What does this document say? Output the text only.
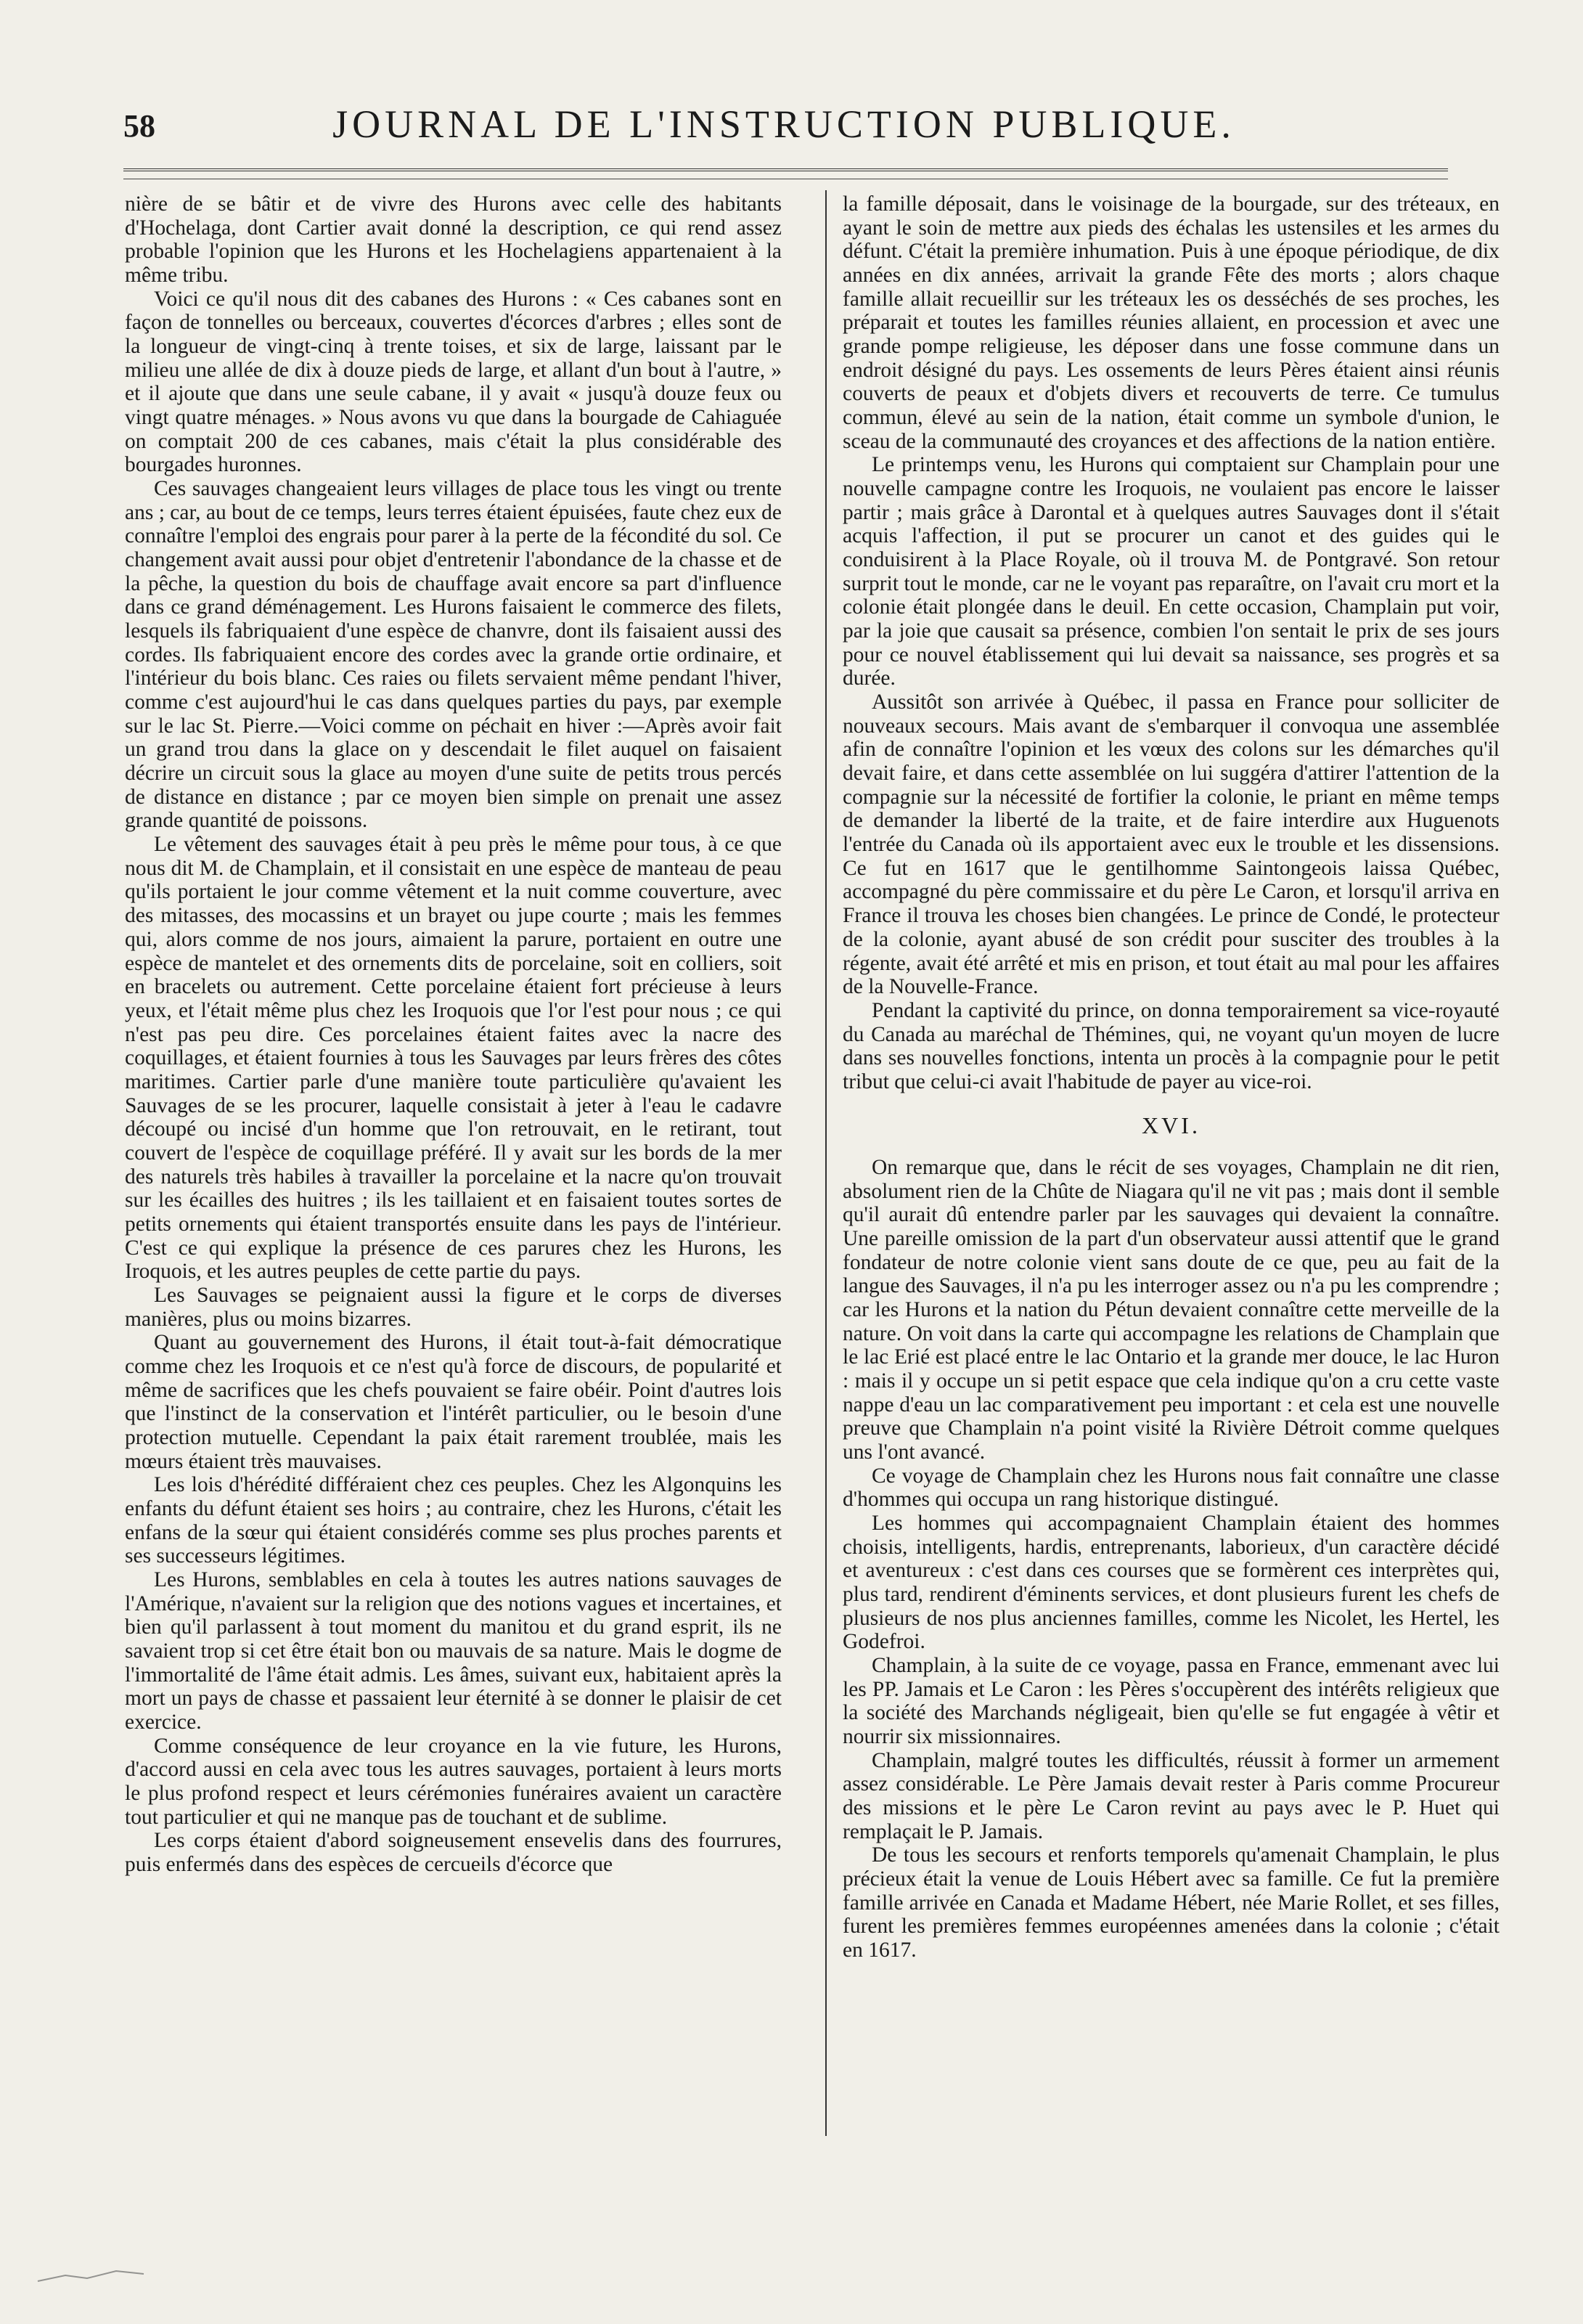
58	JOURNAL DE L'INSTRUCTION PUBLIQUE.

nière de se bâtir et de vivre des Hurons avec celle des habitants d'Hochelaga, dont Cartier avait donné la description, ce qui rend assez probable l'opinion que les Hurons et les Hochelagiens appartenaient à la même tribu.

Voici ce qu'il nous dit des cabanes des Hurons : « Ces cabanes sont en façon de tonnelles ou berceaux, couvertes d'écorces d'arbres ; elles sont de la longueur de vingt-cinq à trente toises, et six de large, laissant par le milieu une allée de dix à douze pieds de large, et allant d'un bout à l'autre, » et il ajoute que dans une seule cabane, il y avait « jusqu'à douze feux ou vingt quatre ménages. » Nous avons vu que dans la bourgade de Cahiaguée on comptait 200 de ces cabanes, mais c'était la plus considérable des bourgades huronnes.

Ces sauvages changeaient leurs villages de place tous les vingt ou trente ans ; car, au bout de ce temps, leurs terres étaient épuisées, faute chez eux de connaître l'emploi des engrais pour parer à la perte de la fécondité du sol. Ce changement avait aussi pour objet d'entretenir l'abondance de la chasse et de la pêche, la question du bois de chauffage avait encore sa part d'influence dans ce grand déménagement. Les Hurons faisaient le commerce des filets, lesquels ils fabriquaient d'une espèce de chanvre, dont ils faisaient aussi des cordes. Ils fabriquaient encore des cordes avec la grande ortie ordinaire, et l'intérieur du bois blanc. Ces raies ou filets servaient même pendant l'hiver, comme c'est aujourd'hui le cas dans quelques parties du pays, par exemple sur le lac St. Pierre.—Voici comme on péchait en hiver :—Après avoir fait un grand trou dans la glace on y descendait le filet auquel on faisaient décrire un circuit sous la glace au moyen d'une suite de petits trous percés de distance en distance ; par ce moyen bien simple on prenait une assez grande quantité de poissons.

Le vêtement des sauvages était à peu près le même pour tous, à ce que nous dit M. de Champlain, et il consistait en une espèce de manteau de peau qu'ils portaient le jour comme vêtement et la nuit comme couverture, avec des mitasses, des mocassins et un brayet ou jupe courte ; mais les femmes qui, alors comme de nos jours, aimaient la parure, portaient en outre une espèce de mantelet et des ornements dits de porcelaine, soit en colliers, soit en bracelets ou autrement. Cette porcelaine étaient fort précieuse à leurs yeux, et l'était même plus chez les Iroquois que l'or l'est pour nous ; ce qui n'est pas peu dire. Ces porcelaines étaient faites avec la nacre des coquillages, et étaient fournies à tous les Sauvages par leurs frères des côtes maritimes. Cartier parle d'une manière toute particulière qu'avaient les Sauvages de se les procurer, laquelle consistait à jeter à l'eau le cadavre découpé ou incisé d'un homme que l'on retrouvait, en le retirant, tout couvert de l'espèce de coquillage préféré. Il y avait sur les bords de la mer des naturels très habiles à travailler la porcelaine et la nacre qu'on trouvait sur les écailles des huitres ; ils les taillaient et en faisaient toutes sortes de petits ornements qui étaient transportés ensuite dans les pays de l'intérieur. C'est ce qui explique la présence de ces parures chez les Hurons, les Iroquois, et les autres peuples de cette partie du pays.

Les Sauvages se peignaient aussi la figure et le corps de diverses manières, plus ou moins bizarres.

Quant au gouvernement des Hurons, il était tout-à-fait démocratique comme chez les Iroquois et ce n'est qu'à force de discours, de popularité et même de sacrifices que les chefs pouvaient se faire obéir. Point d'autres lois que l'instinct de la conservation et l'intérêt particulier, ou le besoin d'une protection mutuelle. Cependant la paix était rarement troublée, mais les mœurs étaient très mauvaises.

Les lois d'hérédité différaient chez ces peuples. Chez les Algonquins les enfants du défunt étaient ses hoirs ; au contraire, chez les Hurons, c'était les enfans de la sœur qui étaient considérés comme ses plus proches parents et ses successeurs légitimes.

Les Hurons, semblables en cela à toutes les autres nations sauvages de l'Amérique, n'avaient sur la religion que des notions vagues et incertaines, et bien qu'il parlassent à tout moment du manitou et du grand esprit, ils ne savaient trop si cet être était bon ou mauvais de sa nature. Mais le dogme de l'immortalité de l'âme était admis. Les âmes, suivant eux, habitaient après la mort un pays de chasse et passaient leur éternité à se donner le plaisir de cet exercice.

Comme conséquence de leur croyance en la vie future, les Hurons, d'accord aussi en cela avec tous les autres sauvages, portaient à leurs morts le plus profond respect et leurs cérémonies funéraires avaient un caractère tout particulier et qui ne manque pas de touchant et de sublime.

Les corps étaient d'abord soigneusement ensevelis dans des fourrures, puis enfermés dans des espèces de cercueils d'écorce que

la famille déposait, dans le voisinage de la bourgade, sur des tréteaux, en ayant le soin de mettre aux pieds des échalas les ustensiles et les armes du défunt. C'était la première inhumation. Puis à une époque périodique, de dix années en dix années, arrivait la grande Fête des morts ; alors chaque famille allait recueillir sur les tréteaux les os desséchés de ses proches, les préparait et toutes les familles réunies allaient, en procession et avec une grande pompe religieuse, les déposer dans une fosse commune dans un endroit désigné du pays. Les ossements de leurs Pères étaient ainsi réunis couverts de peaux et d'objets divers et recouverts de terre. Ce tumulus commun, élevé au sein de la nation, était comme un symbole d'union, le sceau de la communauté des croyances et des affections de la nation entière.

Le printemps venu, les Hurons qui comptaient sur Champlain pour une nouvelle campagne contre les Iroquois, ne voulaient pas encore le laisser partir ; mais grâce à Darontal et à quelques autres Sauvages dont il s'était acquis l'affection, il put se procurer un canot et des guides qui le conduisirent à la Place Royale, où il trouva M. de Pontgravé. Son retour surprit tout le monde, car ne le voyant pas reparaître, on l'avait cru mort et la colonie était plongée dans le deuil. En cette occasion, Champlain put voir, par la joie que causait sa présence, combien l'on sentait le prix de ses jours pour ce nouvel établissement qui lui devait sa naissance, ses progrès et sa durée.

Aussitôt son arrivée à Québec, il passa en France pour solliciter de nouveaux secours. Mais avant de s'embarquer il convoqua une assemblée afin de connaître l'opinion et les vœux des colons sur les démarches qu'il devait faire, et dans cette assemblée on lui suggéra d'attirer l'attention de la compagnie sur la nécessité de fortifier la colonie, le priant en même temps de demander la liberté de la traite, et de faire interdire aux Huguenots l'entrée du Canada où ils apportaient avec eux le trouble et les dissensions. Ce fut en 1617 que le gentilhomme Saintongeois laissa Québec, accompagné du père commissaire et du père Le Caron, et lorsqu'il arriva en France il trouva les choses bien changées. Le prince de Condé, le protecteur de la colonie, ayant abusé de son crédit pour susciter des troubles à la régente, avait été arrêté et mis en prison, et tout était au mal pour les affaires de la Nouvelle-France.

Pendant la captivité du prince, on donna temporairement sa vice-royauté du Canada au maréchal de Thémines, qui, ne voyant qu'un moyen de lucre dans ses nouvelles fonctions, intenta un procès à la compagnie pour le petit tribut que celui-ci avait l'habitude de payer au vice-roi.

XVI.

On remarque que, dans le récit de ses voyages, Champlain ne dit rien, absolument rien de la Chûte de Niagara qu'il ne vit pas ; mais dont il semble qu'il aurait dû entendre parler par les sauvages qui devaient la connaître. Une pareille omission de la part d'un observateur aussi attentif que le grand fondateur de notre colonie vient sans doute de ce que, peu au fait de la langue des Sauvages, il n'a pu les interroger assez ou n'a pu les comprendre ; car les Hurons et la nation du Pétun devaient connaître cette merveille de la nature. On voit dans la carte qui accompagne les relations de Champlain que le lac Erié est placé entre le lac Ontario et la grande mer douce, le lac Huron : mais il y occupe un si petit espace que cela indique qu'on a cru cette vaste nappe d'eau un lac comparativement peu important : et cela est une nouvelle preuve que Champlain n'a point visité la Rivière Détroit comme quelques uns l'ont avancé.

Ce voyage de Champlain chez les Hurons nous fait connaître une classe d'hommes qui occupa un rang historique distingué.

Les hommes qui accompagnaient Champlain étaient des hommes choisis, intelligents, hardis, entreprenants, laborieux, d'un caractère décidé et aventureux : c'est dans ces courses que se formèrent ces interprètes qui, plus tard, rendirent d'éminents services, et dont plusieurs furent les chefs de plusieurs de nos plus anciennes familles, comme les Nicolet, les Hertel, les Godefroi.

Champlain, à la suite de ce voyage, passa en France, emmenant avec lui les PP. Jamais et Le Caron : les Pères s'occupèrent des intérêts religieux que la société des Marchands négligeait, bien qu'elle se fut engagée à vêtir et nourrir six missionnaires.

Champlain, malgré toutes les difficultés, réussit à former un armement assez considérable. Le Père Jamais devait rester à Paris comme Procureur des missions et le père Le Caron revint au pays avec le P. Huet qui remplaçait le P. Jamais.

De tous les secours et renforts temporels qu'amenait Champlain, le plus précieux était la venue de Louis Hébert avec sa famille. Ce fut la première famille arrivée en Canada et Madame Hébert, née Marie Rollet, et ses filles, furent les premières femmes européennes amenées dans la colonie ; c'était en 1617.
